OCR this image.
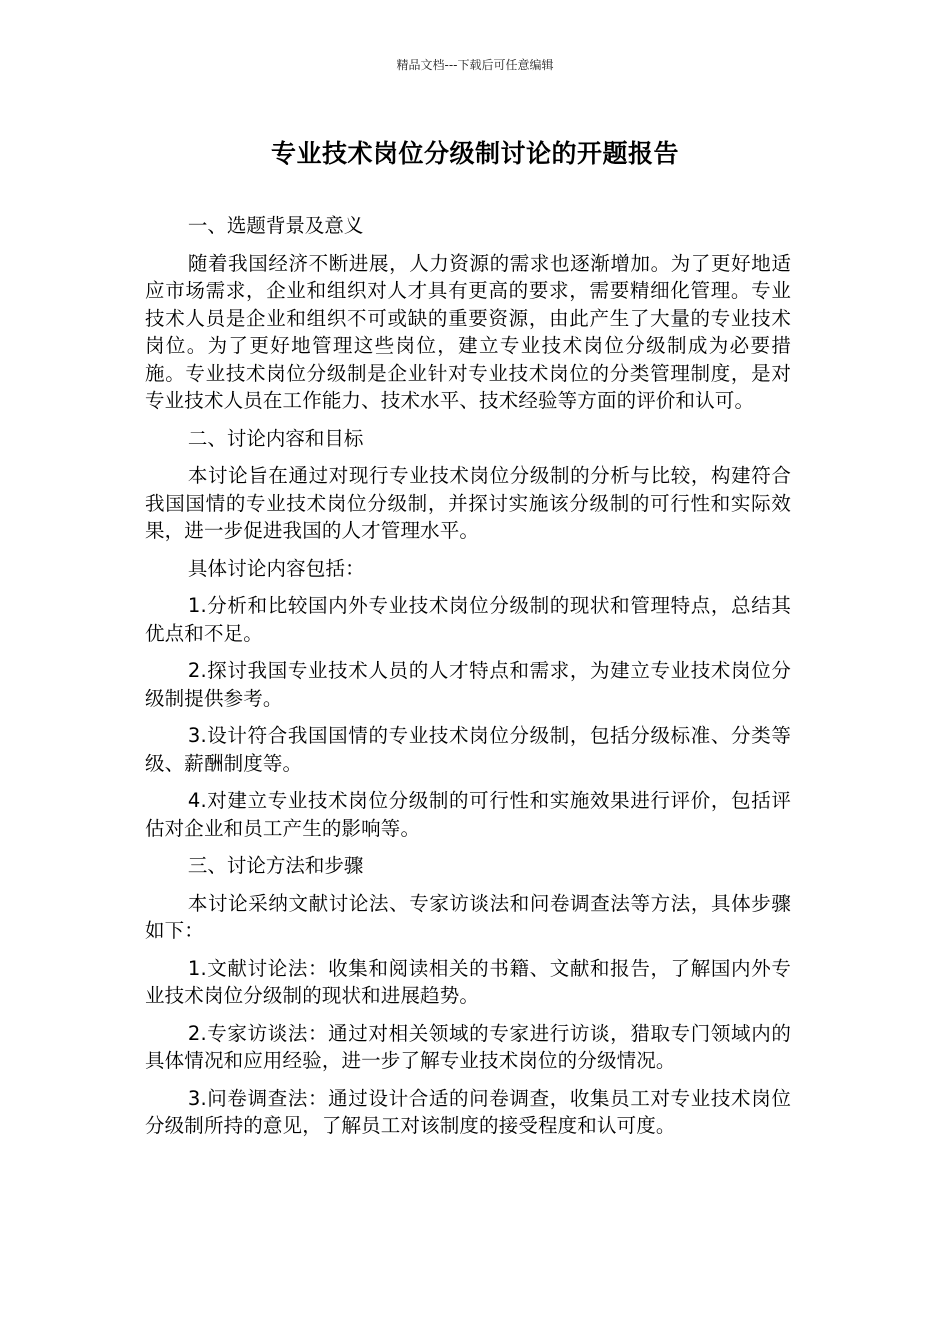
精品文档---下载后可任意编辑
专业技术岗位分级制讨论的开题报告

一、选题背景及意义

随着我国经济不断进展，人力资源的需求也逐渐增加。为了更好地适应市场需求，企业和组织对人才具有更高的要求，需要精细化管理。专业技术人员是企业和组织不可或缺的重要资源，由此产生了大量的专业技术岗位。为了更好地管理这些岗位，建立专业技术岗位分级制成为必要措施。专业技术岗位分级制是企业针对专业技术岗位的分类管理制度，是对专业技术人员在工作能力、技术水平、技术经验等方面的评价和认可。

二、讨论内容和目标

本讨论旨在通过对现行专业技术岗位分级制的分析与比较，构建符合我国国情的专业技术岗位分级制，并探讨实施该分级制的可行性和实际效果，进一步促进我国的人才管理水平。

具体讨论内容包括：

1.分析和比较国内外专业技术岗位分级制的现状和管理特点，总结其优点和不足。

2.探讨我国专业技术人员的人才特点和需求，为建立专业技术岗位分级制提供参考。

3.设计符合我国国情的专业技术岗位分级制，包括分级标准、分类等级、薪酬制度等。

4.对建立专业技术岗位分级制的可行性和实施效果进行评价，包括评估对企业和员工产生的影响等。

三、讨论方法和步骤

本讨论采纳文献讨论法、专家访谈法和问卷调查法等方法，具体步骤如下：

1.文献讨论法：收集和阅读相关的书籍、文献和报告，了解国内外专业技术岗位分级制的现状和进展趋势。

2.专家访谈法：通过对相关领域的专家进行访谈，猎取专门领域内的具体情况和应用经验，进一步了解专业技术岗位的分级情况。

3.问卷调查法：通过设计合适的问卷调查，收集员工对专业技术岗位分级制所持的意见，了解员工对该制度的接受程度和认可度。
